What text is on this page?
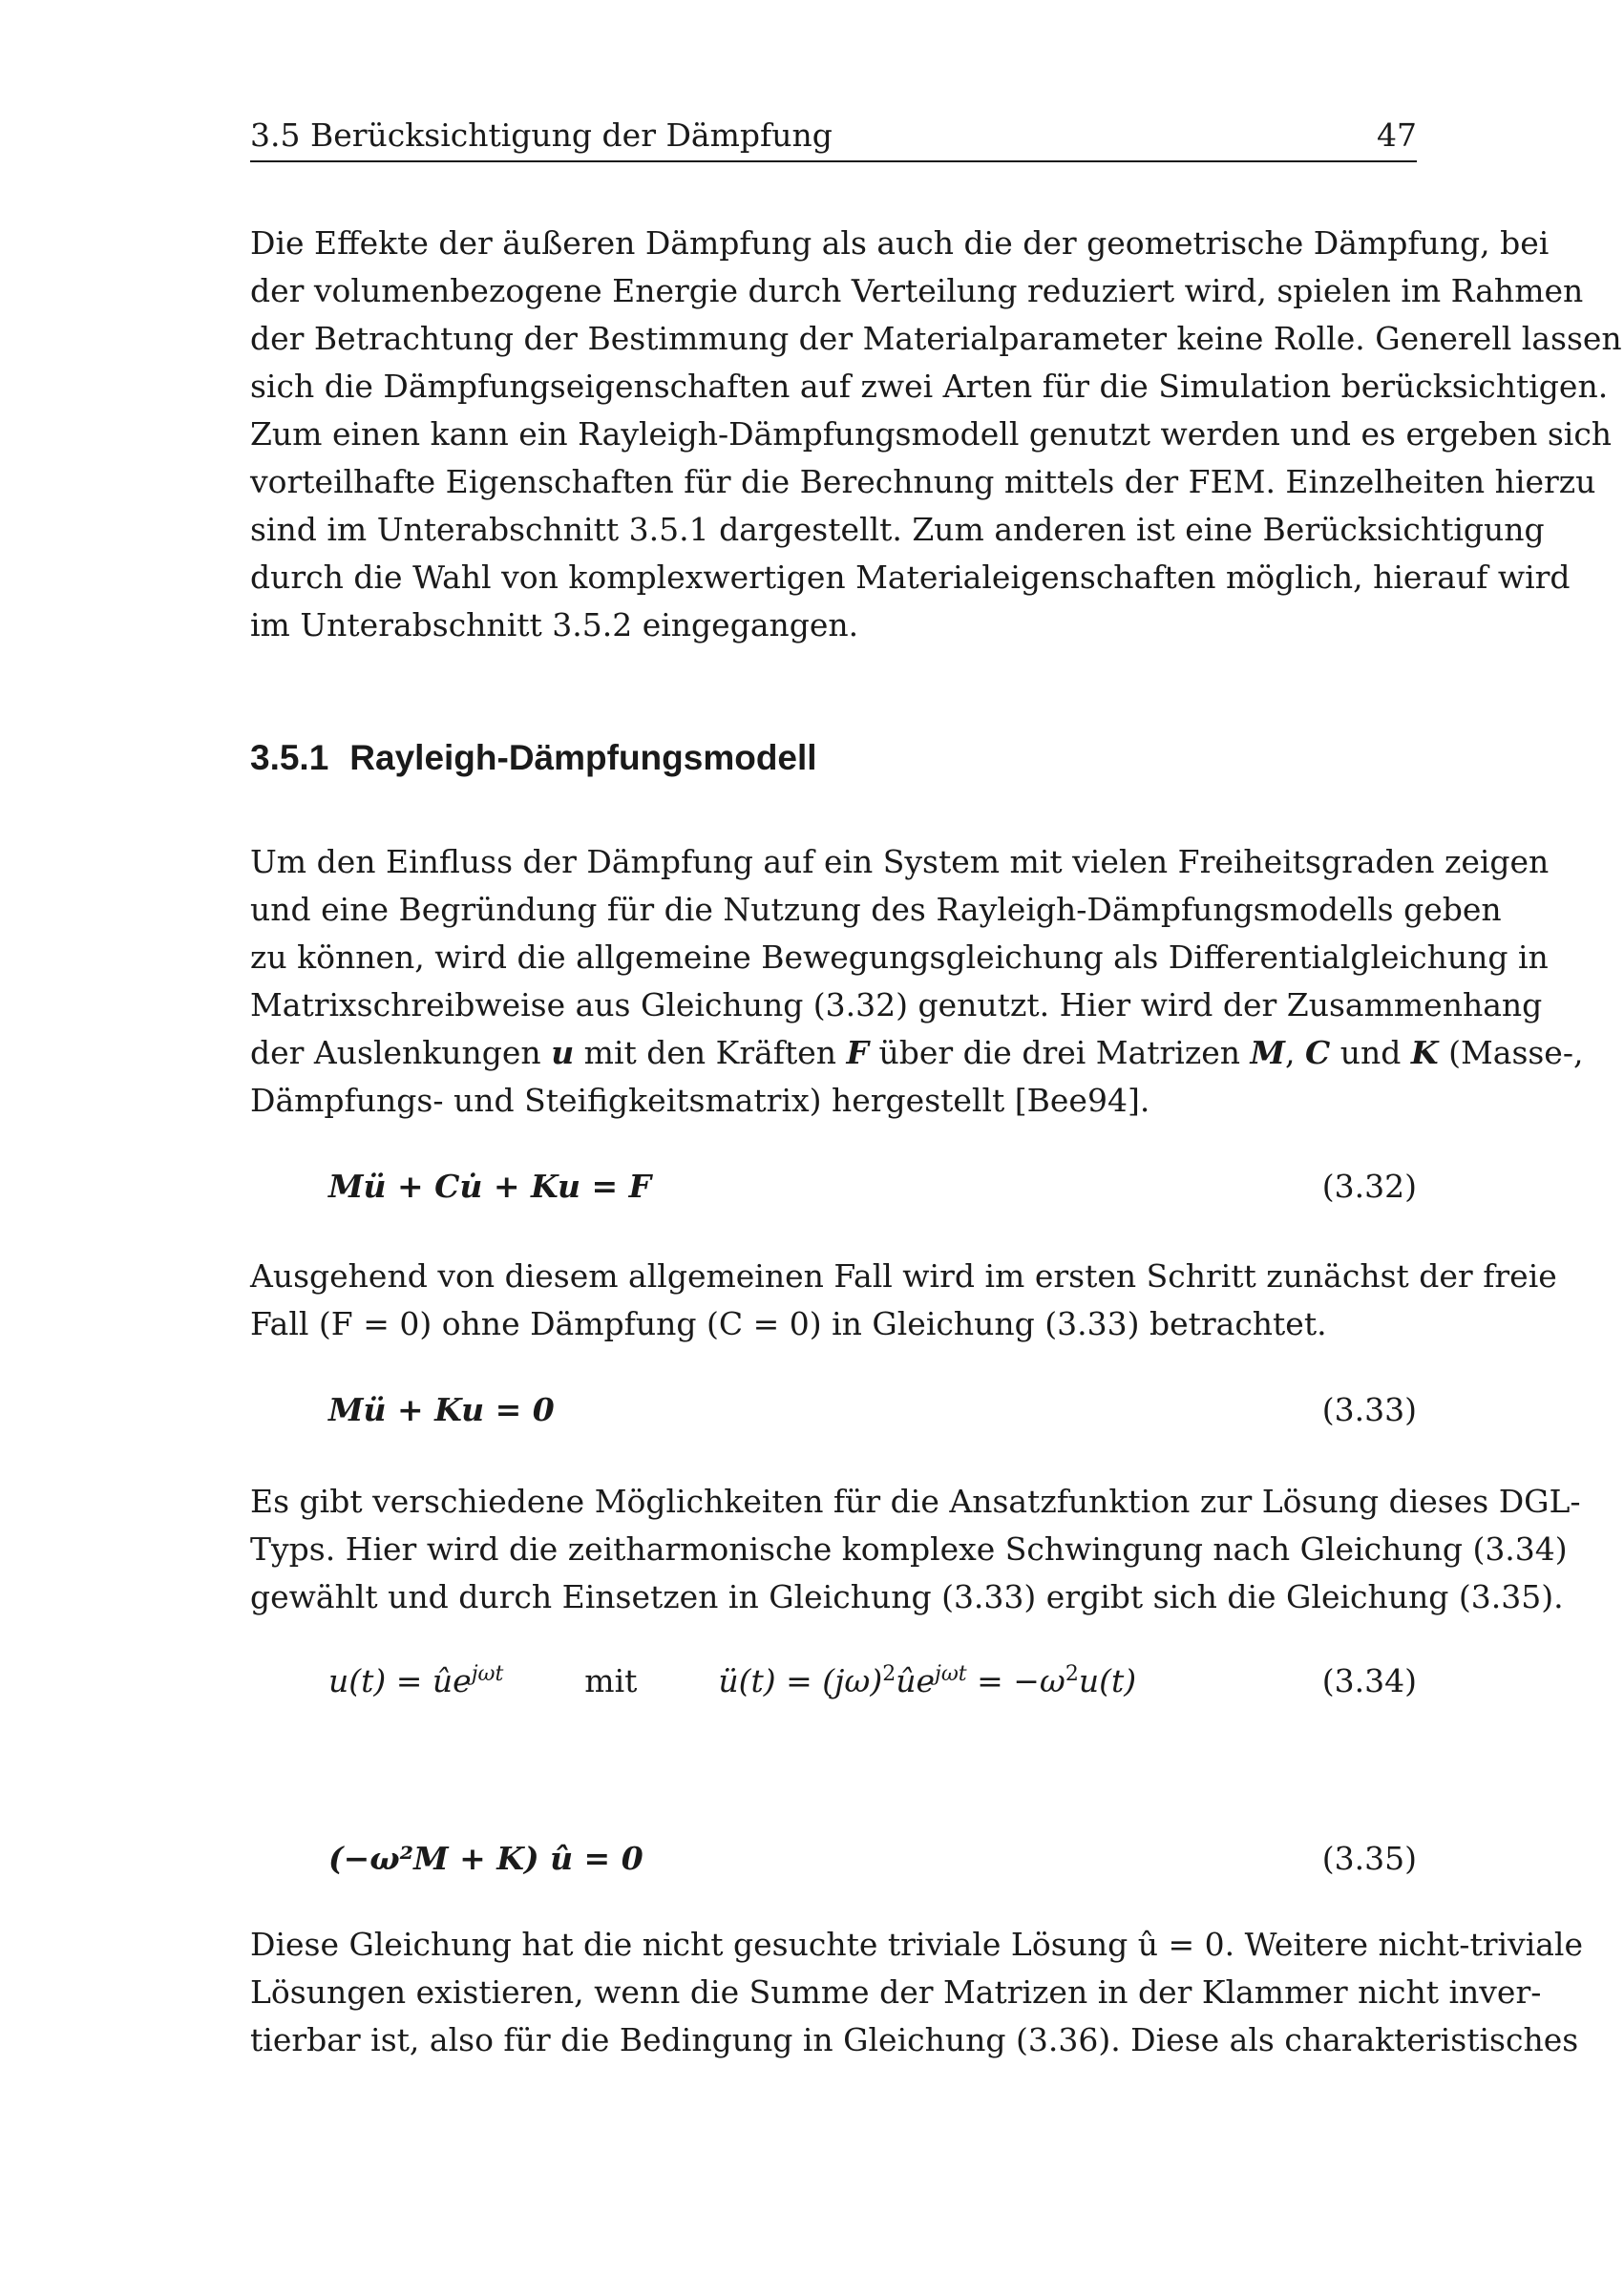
3.5 Berücksichtigung der Dämpfung	47
Die Effekte der äußeren Dämpfung als auch die der geometrische Dämpfung, bei
der volumenbezogene Energie durch Verteilung reduziert wird, spielen im Rahmen
der Betrachtung der Bestimmung der Materialparameter keine Rolle. Generell lassen
sich die Dämpfungseigenschaften auf zwei Arten für die Simulation berücksichtigen.
Zum einen kann ein Rayleigh-Dämpfungsmodell genutzt werden und es ergeben sich
vorteilhafte Eigenschaften für die Berechnung mittels der FEM. Einzelheiten hierzu
sind im Unterabschnitt 3.5.1 dargestellt. Zum anderen ist eine Berücksichtigung
durch die Wahl von komplexwertigen Materialeigenschaften möglich, hierauf wird
im Unterabschnitt 3.5.2 eingegangen.
3.5.1 Rayleigh-Dämpfungsmodell
Um den Einfluss der Dämpfung auf ein System mit vielen Freiheitsgraden zeigen
und eine Begründung für die Nutzung des Rayleigh-Dämpfungsmodells geben
zu können, wird die allgemeine Bewegungsgleichung als Differentialgleichung in
Matrixschreibweise aus Gleichung (3.32) genutzt. Hier wird der Zusammenhang
der Auslenkungen u mit den Kräften F über die drei Matrizen M, C und K (Masse-,
Dämpfungs- und Steifigkeitsmatrix) hergestellt [Bee94].
Mü + Cu̇ + Ku = F	(3.32)
Ausgehend von diesem allgemeinen Fall wird im ersten Schritt zunächst der freie
Fall (F = 0) ohne Dämpfung (C = 0) in Gleichung (3.33) betrachtet.
Mü + Ku = 0	(3.33)
Es gibt verschiedene Möglichkeiten für die Ansatzfunktion zur Lösung dieses DGL-
Typs. Hier wird die zeitharmonische komplexe Schwingung nach Gleichung (3.34)
gewählt und durch Einsetzen in Gleichung (3.33) ergibt sich die Gleichung (3.35).
$u(t) = ûe^{j\omega t}$	mit	ü(t) = $(j\omega)^2ûe^{j\omega t} = -\omega^2u(t)$	(3.34)
(−ω²M + K) û = 0	(3.35)
Diese Gleichung hat die nicht gesuchte triviale Lösung û = 0. Weitere nicht-triviale
Lösungen existieren, wenn die Summe der Matrizen in der Klammer nicht inver-
tierbar ist, also für die Bedingung in Gleichung (3.36). Diese als charakteristisches
